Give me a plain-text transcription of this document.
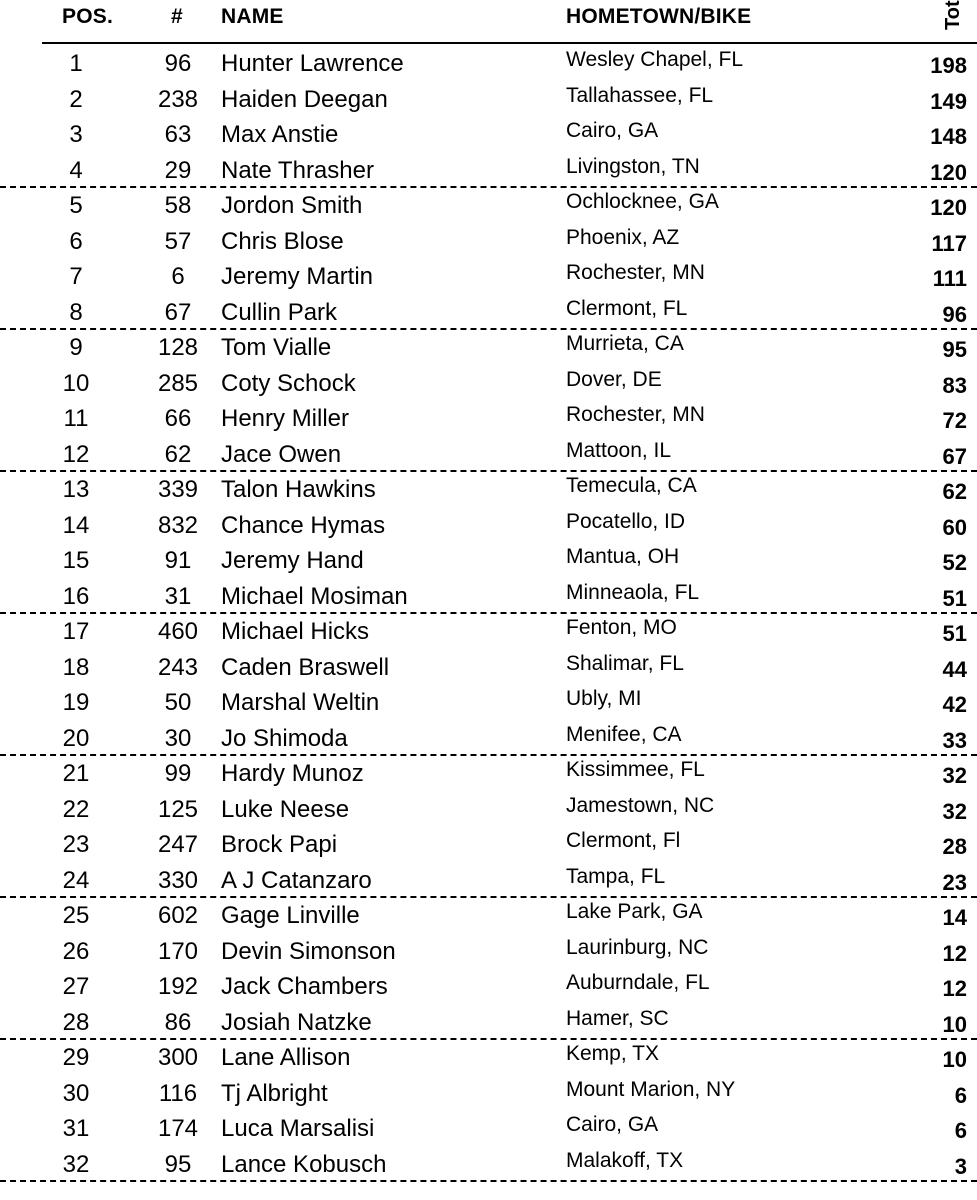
POS.	# NAME	HOMETOWN/BIKE	Tot
1	96	Hunter Lawrence	Wesley Chapel, FL	198
2	238 Haiden Deegan	Tallahassee, FL	149
3	63	Max Anstie	Cairo, GA	148
4	29	Nate Thrasher	Livingston, TN	120
5	58	Jordon Smith	Ochlocknee, GA	120
6	57	Chris Blose	Phoenix, AZ	117
7	6	Jeremy Martin	Rochester, MN	111
8	67	Cullin Park	Clermont, FL	96
9	128 Tom Vialle	Murrieta, CA	95
10	285 Coty Schock	Dover, DE	83
11	66	Henry Miller	Rochester, MN	72
12	62	Jace Owen	Mattoon, IL	67
13	339 Talon Hawkins	Temecula, CA	62
14	832 Chance Hymas	Pocatello, ID	60
15	91	Jeremy Hand	Mantua, OH	52
16	31	Michael Mosiman	Minneaola, FL	51
17	460 Michael Hicks	Fenton, MO	51
18	243 Caden Braswell	Shalimar, FL	44
19	50	Marshal Weltin	Ubly, MI	42
20	30	Jo Shimoda	Menifee, CA	33
21	99	Hardy Munoz	Kissimmee, FL	32
22	125 Luke Neese	Jamestown, NC	32
23	247 Brock Papi	Clermont, Fl	28
24	330 A J Catanzaro	Tampa, FL	23
25	602 Gage Linville	Lake Park, GA	14
26	170 Devin Simonson	Laurinburg, NC	12
27	192 Jack Chambers	Auburndale, FL	12
28	86	Josiah Natzke	Hamer, SC	10
29	300 Lane Allison	Kemp, TX	10
30	116 Tj Albright	Mount Marion, NY	6
31	174 Luca Marsalisi	Cairo, GA	6
32	95	Lance Kobusch	Malakoff, TX	3
